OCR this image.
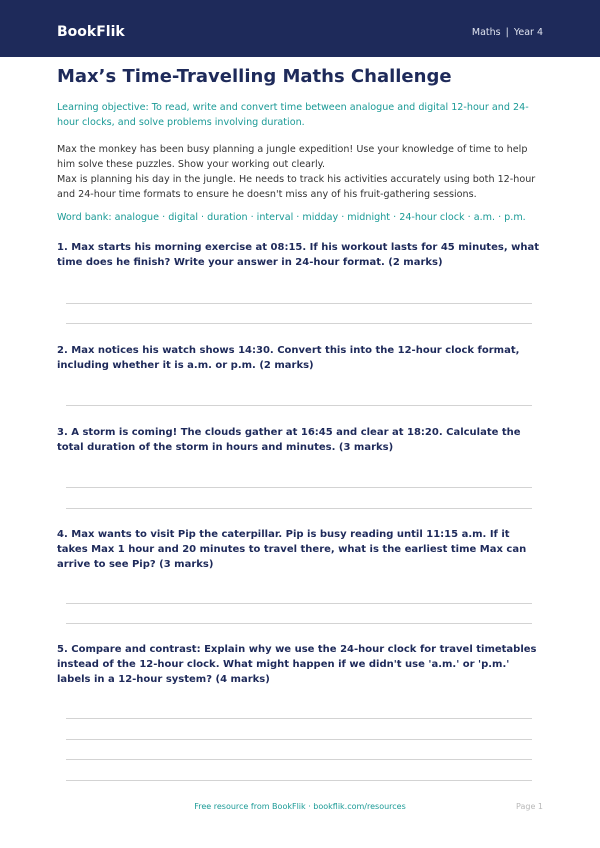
BookFlik	Maths | Year 4
Max’s Time-Travelling Maths Challenge

Learning objective: To read, write and convert time between analogue and digital 12-hour and 24-hour clocks, and solve problems involving duration.

Max the monkey has been busy planning a jungle expedition! Use your knowledge of time to help him solve these puzzles. Show your working out clearly.

Max is planning his day in the jungle. He needs to track his activities accurately using both 12-hour and 24-hour time formats to ensure he doesn't miss any of his fruit-gathering sessions.

Word bank: analogue · digital · duration · interval · midday · midnight · 24-hour clock · a.m. · p.m.

1. Max starts his morning exercise at 08:15. If his workout lasts for 45 minutes, what time does he finish? Write your answer in 24-hour format. (2 marks)

2. Max notices his watch shows 14:30. Convert this into the 12-hour clock format, including whether it is a.m. or p.m. (2 marks)

3. A storm is coming! The clouds gather at 16:45 and clear at 18:20. Calculate the total duration of the storm in hours and minutes. (3 marks)

4. Max wants to visit Pip the caterpillar. Pip is busy reading until 11:15 a.m. If it takes Max 1 hour and 20 minutes to travel there, what is the earliest time Max can arrive to see Pip? (3 marks)

5. Compare and contrast: Explain why we use the 24-hour clock for travel timetables instead of the 12-hour clock. What might happen if we didn't use 'a.m.' or 'p.m.' labels in a 12-hour system? (4 marks)

Free resource from BookFlik · bookflik.com/resources	Page 1
